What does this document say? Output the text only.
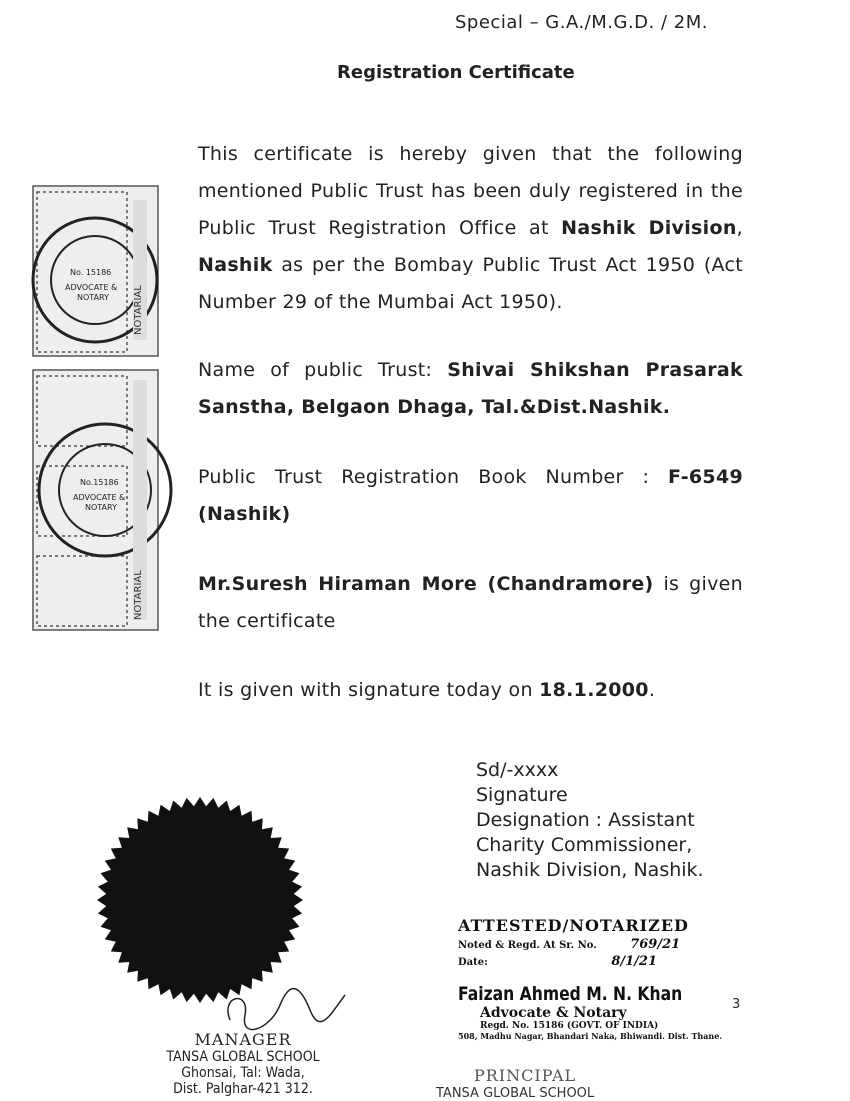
Special – G.A./M.G.D. / 2M.
Registration Certificate
This certificate is hereby given that the following mentioned Public Trust has been duly registered in the Public Trust Registration Office at Nashik Division, Nashik as per the Bombay Public Trust Act 1950 (Act Number 29 of the Mumbai Act 1950).
Name of public Trust: Shivai Shikshan Prasarak Sanstha, Belgaon Dhaga, Tal.&Dist.Nashik.
Public Trust Registration Book Number : F-6549 (Nashik)
Mr.Suresh Hiraman More (Chandramore) is given the certificate
It is given with signature today on 18.1.2000.
Sd/-xxxx
Signature
Designation : Assistant
Charity Commissioner,
Nashik Division, Nashik.
NOTARIAL
NOTARIAL
No. 15186
ADVOCATE &
NOTARY
No.15186
ADVOCATE &
NOTARY
MANAGER
TANSA GLOBAL SCHOOL
Ghonsai, Tal: Wada,
Dist. Palghar-421 312.
ATTESTED/NOTARIZED
Noted & Regd. At Sr. No.	769/21
Date:	8/1/21
Faizan Ahmed M. N. Khan
Advocate & Notary
Regd. No. 15186 (GOVT. OF INDIA)
508, Madhu Nagar, Bhandari Naka, Bhiwandi. Dist. Thane.
PRINCIPAL
TANSA GLOBAL SCHOOL
3
